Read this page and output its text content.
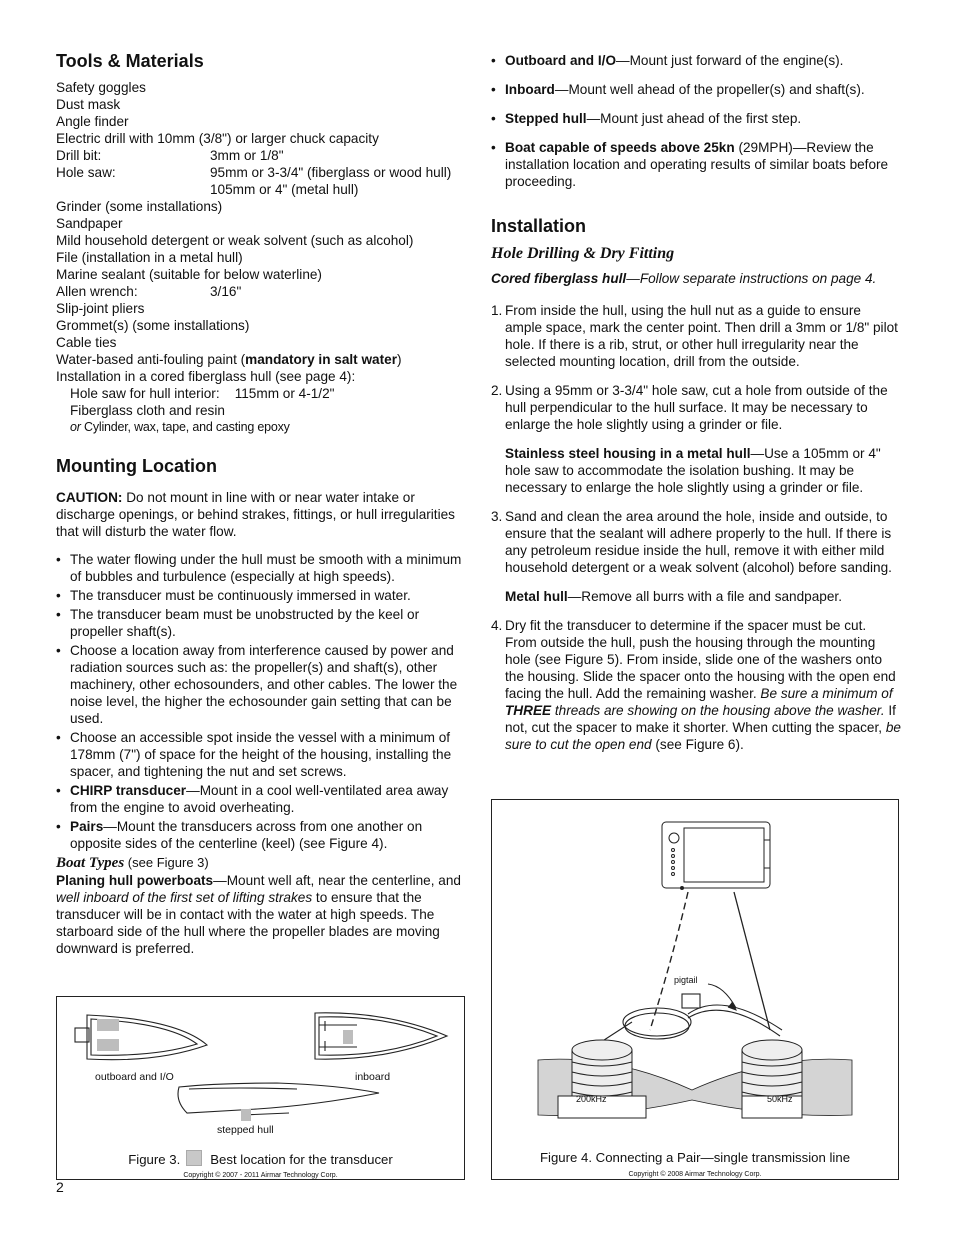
Tools & Materials
Safety goggles
Dust mask
Angle finder
Electric drill with 10mm (3/8") or larger chuck capacity
Drill bit:	3mm or 1/8"
Hole saw:	95mm or 3-3/4" (fiberglass or wood hull)
105mm or 4" (metal hull)
Grinder (some installations)
Sandpaper
Mild household detergent or weak solvent (such as alcohol)
File (installation in a metal hull)
Marine sealant (suitable for below waterline)
Allen wrench:	3/16"
Slip-joint pliers
Grommet(s) (some installations)
Cable ties
Water-based anti-fouling paint (mandatory in salt water)
Installation in a cored fiberglass hull (see page 4):
Hole saw for hull interior:    115mm or 4-1/2"
Fiberglass cloth and resin
or Cylinder, wax, tape, and casting epoxy
Mounting Location

CAUTION: Do not mount in line with or near water intake or discharge openings, or behind strakes, fittings, or hull irregularities that will disturb the water flow.

• The water flowing under the hull must be smooth with a minimum of bubbles and turbulence (especially at high speeds).
• The transducer must be continuously immersed in water.
• The transducer beam must be unobstructed by the keel or propeller shaft(s).
• Choose a location away from interference caused by power and radiation sources such as: the propeller(s) and shaft(s), other machinery, other echosounders, and other cables. The lower the noise level, the higher the echosounder gain setting that can be used.
• Choose an accessible spot inside the vessel with a minimum of 178mm (7") of space for the height of the housing, installing the spacer, and tightening the nut and set screws.
• CHIRP transducer—Mount in a cool well-ventilated area away from the engine to avoid overheating.
• Pairs—Mount the transducers across from one another on opposite sides of the centerline (keel) (see Figure 4).
Boat Types (see Figure 3)

Planing hull powerboats—Mount well aft, near the centerline, and well inboard of the first set of lifting strakes to ensure that the transducer will be in contact with the water at high speeds. The starboard side of the hull where the propeller blades are moving downward is preferred.

outboard and I/O	inboard
stepped hull
Figure 3. Best location for the transducer
Copyright © 2007 - 2011 Airmar Technology Corp.
2
• Outboard and I/O—Mount just forward of the engine(s).
• Inboard—Mount well ahead of the propeller(s) and shaft(s).
• Stepped hull—Mount just ahead of the first step.
• Boat capable of speeds above 25kn (29MPH)—Review the installation location and operating results of similar boats before proceeding.
Installation
Hole Drilling & Dry Fitting

Cored fiberglass hull—Follow separate instructions on page 4.

1. From inside the hull, using the hull nut as a guide to ensure ample space, mark the center point. Then drill a 3mm or 1/8" pilot hole. If there is a rib, strut, or other hull irregularity near the selected mounting location, drill from the outside.
2. Using a 95mm or 3-3/4" hole saw, cut a hole from outside of the hull perpendicular to the hull surface. It may be necessary to enlarge the hole slightly using a grinder or file.
Stainless steel housing in a metal hull—Use a 105mm or 4" hole saw to accommodate the isolation bushing. It may be necessary to enlarge the hole slightly using a grinder or file.
3. Sand and clean the area around the hole, inside and outside, to ensure that the sealant will adhere properly to the hull. If there is any petroleum residue inside the hull, remove it with either mild household detergent or a weak solvent (alcohol) before sanding.
Metal hull—Remove all burrs with a file and sandpaper.
4. Dry fit the transducer to determine if the spacer must be cut. From outside the hull, push the housing through the mounting hole (see Figure 5). From inside, slide one of the washers onto the housing. Slide the spacer onto the housing with the open end facing the hull. Add the remaining washer. Be sure a minimum of THREE threads are showing on the housing above the washer. If not, cut the spacer to make it shorter. When cutting the spacer, be sure to cut the open end (see Figure 6).
pigtail
200kHz	50kHz
Figure 4. Connecting a Pair—single transmission line
Copyright © 2008 Airmar Technology Corp.
